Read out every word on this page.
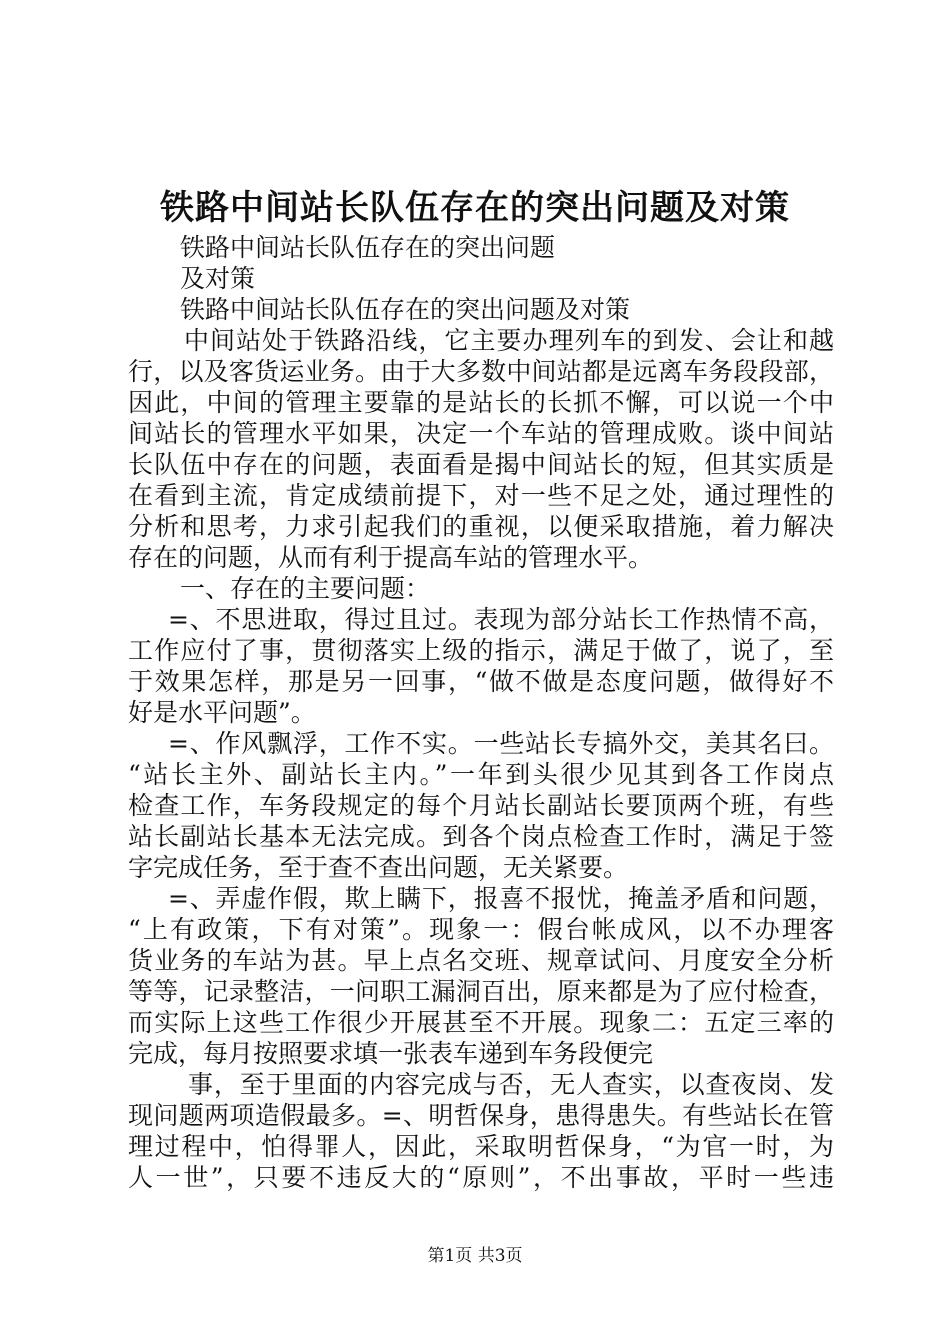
铁路中间站长队伍存在的突出问题及对策
铁路中间站长队伍存在的突出问题
及对策
铁路中间站长队伍存在的突出问题及对策
中间站处于铁路沿线，它主要办理列车的到发、会让和越
行，以及客货运业务。由于大多数中间站都是远离车务段段部，
因此，中间的管理主要靠的是站长的长抓不懈，可以说一个中
间站长的管理水平如果，决定一个车站的管理成败。谈中间站
长队伍中存在的问题，表面看是揭中间站长的短，但其实质是
在看到主流，肯定成绩前提下，对一些不足之处，通过理性的
分析和思考，力求引起我们的重视，以便采取措施，着力解决
存在的问题，从而有利于提高车站的管理水平。
一、存在的主要问题：
=、不思进取，得过且过。表现为部分站长工作热情不高，
工作应付了事，贯彻落实上级的指示，满足于做了，说了，至
于效果怎样，那是另一回事，“做不做是态度问题，做得好不
好是水平问题”。
=、作风飘浮，工作不实。一些站长专搞外交，美其名曰。
“站长主外、副站长主内。”一年到头很少见其到各工作岗点
检查工作，车务段规定的每个月站长副站长要顶两个班，有些
站长副站长基本无法完成。到各个岗点检查工作时，满足于签
字完成任务，至于查不查出问题，无关紧要。
=、弄虚作假，欺上瞒下，报喜不报忧，掩盖矛盾和问题，
“上有政策，下有对策”。现象一：假台帐成风，以不办理客
货业务的车站为甚。早上点名交班、规章试问、月度安全分析
等等，记录整洁，一问职工漏洞百出，原来都是为了应付检查，
而实际上这些工作很少开展甚至不开展。现象二：五定三率的
完成，每月按照要求填一张表车递到车务段便完
事，至于里面的内容完成与否，无人查实，以查夜岗、发
现问题两项造假最多。=、明哲保身，患得患失。有些站长在管
理过程中，怕得罪人，因此，采取明哲保身，“为官一时，为
人一世”，只要不违反大的“原则”，不出事故，平时一些违
第1页 共3页
